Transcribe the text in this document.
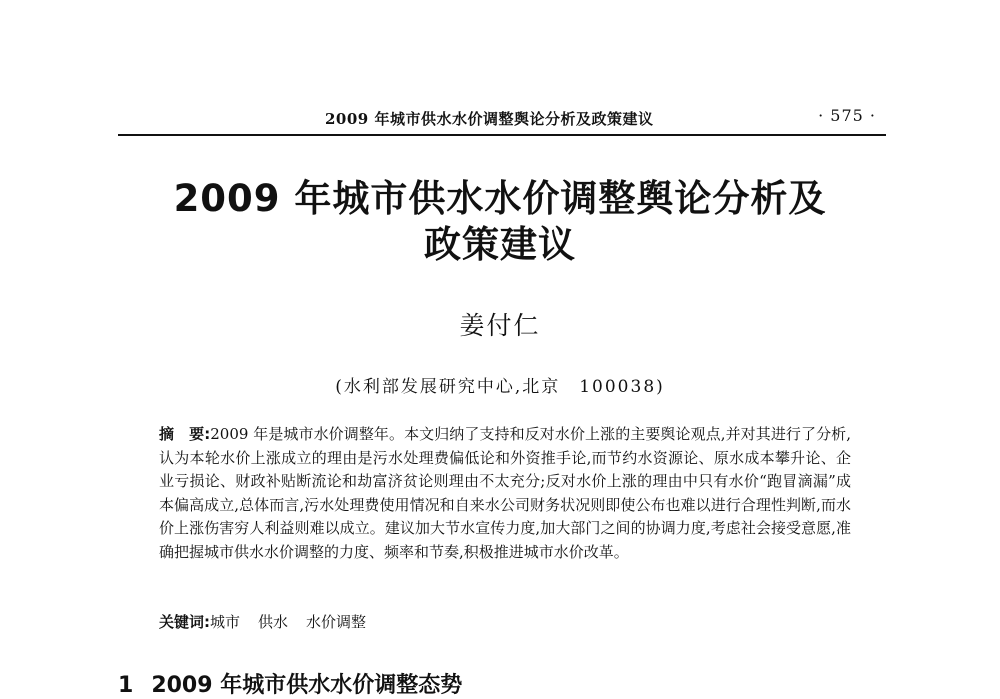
2009 年城市供水水价调整舆论分析及政策建议	· 575 ·
2009 年城市供水水价调整舆论分析及
政策建议
姜付仁
(水利部发展研究中心,北京　100038)
摘　要:2009 年是城市水价调整年。本文归纳了支持和反对水价上涨的主要舆论观点,并对其进行了分析,认为本轮水价上涨成立的理由是污水处理费偏低论和外资推手论,而节约水资源论、原水成本攀升论、企业亏损论、财政补贴断流论和劫富济贫论则理由不太充分;反对水价上涨的理由中只有水价“跑冒滴漏”成本偏高成立,总体而言,污水处理费使用情况和自来水公司财务状况则即使公布也难以进行合理性判断,而水价上涨伤害穷人利益则难以成立。建议加大节水宣传力度,加大部门之间的协调力度,考虑社会接受意愿,准确把握城市供水水价调整的力度、频率和节奏,积极推进城市水价改革。
关键词:城市 供水 水价调整
1 2009 年城市供水水价调整态势
